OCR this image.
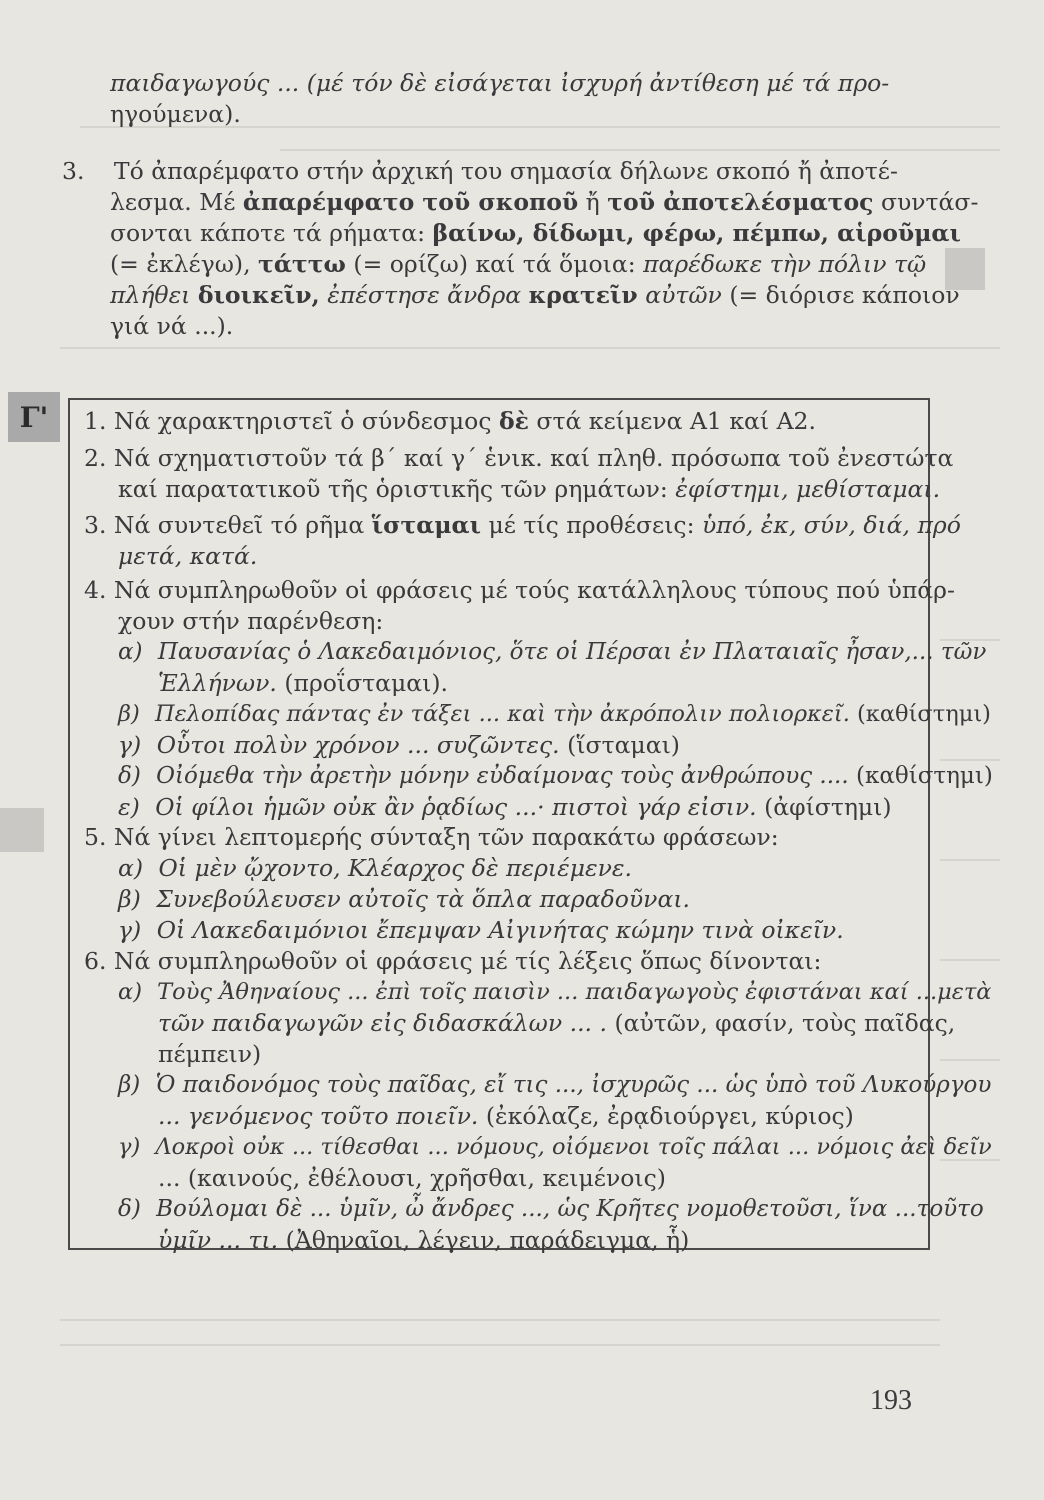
παιδαγωγούς ... (μέ τόν δὲ εἰσάγεται ἰσχυρή ἀντίθεση μέ τά προ-
ηγούμενα).
3. Τό ἀπαρέμφατο στήν ἀρχική του σημασία δήλωνε σκοπό ἤ ἀποτέ-
λεσμα. Μέ ἀπαρέμφατο τοῦ σκοποῦ ἤ τοῦ ἀποτελέσματος συντάσ-
σονται κάποτε τά ρήματα: βαίνω, δίδωμι, φέρω, πέμπω, αἱροῦμαι
(= ἐκλέγω), τάττω (= ορίζω) καί τά ὅμοια: παρέδωκε τὴν πόλιν τῷ
πλήθει διοικεῖν, ἐπέστησε ἄνδρα κρατεῖν αὐτῶν (= διόρισε κάποιον
γιά νά ...).
Γ' 1. Νά χαρακτηριστεῖ ὁ σύνδεσμος δὲ στά κείμενα Α1 καί Α2.
2. Νά σχηματιστοῦν τά β΄ καί γ΄ ἑνικ. καί πληθ. πρόσωπα τοῦ ἐνεστώτα
καί παρατατικοῦ τῆς ὁριστικῆς τῶν ρημάτων: ἐφίστημι, μεθίσταμαι.
3. Νά συντεθεῖ τό ρῆμα ἵσταμαι μέ τίς προθέσεις: ὑπό, ἐκ, σύν, διά, πρό
μετά, κατά.
4. Νά συμπληρωθοῦν οἱ φράσεις μέ τούς κατάλληλους τύπους πού ὑπάρ-
χουν στήν παρένθεση:
α) Παυσανίας ὁ Λακεδαιμόνιος, ὅτε οἱ Πέρσαι ἐν Πλαταιαῖς ἦσαν,... τῶν
Ἑλλήνων. (προΐσταμαι).
β) Πελοπίδας πάντας ἐν τάξει ... καὶ τὴν ἀκρόπολιν πολιορκεῖ. (καθίστημι)
γ) Οὗτοι πολὺν χρόνον ... συζῶντες. (ἵσταμαι)
δ) Οἰόμεθα τὴν ἀρετὴν μόνην εὐδαίμονας τοὺς ἀνθρώπους .... (καθίστημι)
ε) Οἱ φίλοι ἡμῶν οὐκ ἂν ῥᾳδίως ...· πιστοὶ γάρ εἰσιν. (ἀφίστημι)
5. Νά γίνει λεπτομερής σύνταξη τῶν παρακάτω φράσεων:
α) Οἱ μὲν ᾤχοντο, Κλέαρχος δὲ περιέμενε.
β) Συνεβούλευσεν αὐτοῖς τὰ ὅπλα παραδοῦναι.
γ) Οἱ Λακεδαιμόνιοι ἔπεμψαν Αἰγινήτας κώμην τινὰ οἰκεῖν.
6. Νά συμπληρωθοῦν οἱ φράσεις μέ τίς λέξεις ὅπως δίνονται:
α) Τοὺς Ἀθηναίους ... ἐπὶ τοῖς παισὶν ... παιδαγωγοὺς ἐφιστάναι καί ...μετὰ
τῶν παιδαγωγῶν εἰς διδασκάλων ... . (αὐτῶν, φασίν, τοὺς παῖδας,
πέμπειν)
β) Ὁ παιδονόμος τοὺς παῖδας, εἴ τις ..., ἰσχυρῶς ... ὡς ὑπὸ τοῦ Λυκούργου
... γενόμενος τοῦτο ποιεῖν. (ἐκόλαζε, ἐρᾳδιούργει, κύριος)
γ) Λοκροὶ οὐκ ... τίθεσθαι ... νόμους, οἰόμενοι τοῖς πάλαι ... νόμοις ἀεὶ δεῖν
... (καινούς, ἐθέλουσι, χρῆσθαι, κειμένοις)
δ) Βούλομαι δὲ ... ὑμῖν, ὦ ἄνδρες ..., ὡς Κρῆτες νομοθετοῦσι, ἵνα ...τοῦτο
ὑμῖν ... τι. (Ἀθηναῖοι, λέγειν, παράδειγμα, ἧ)
193
